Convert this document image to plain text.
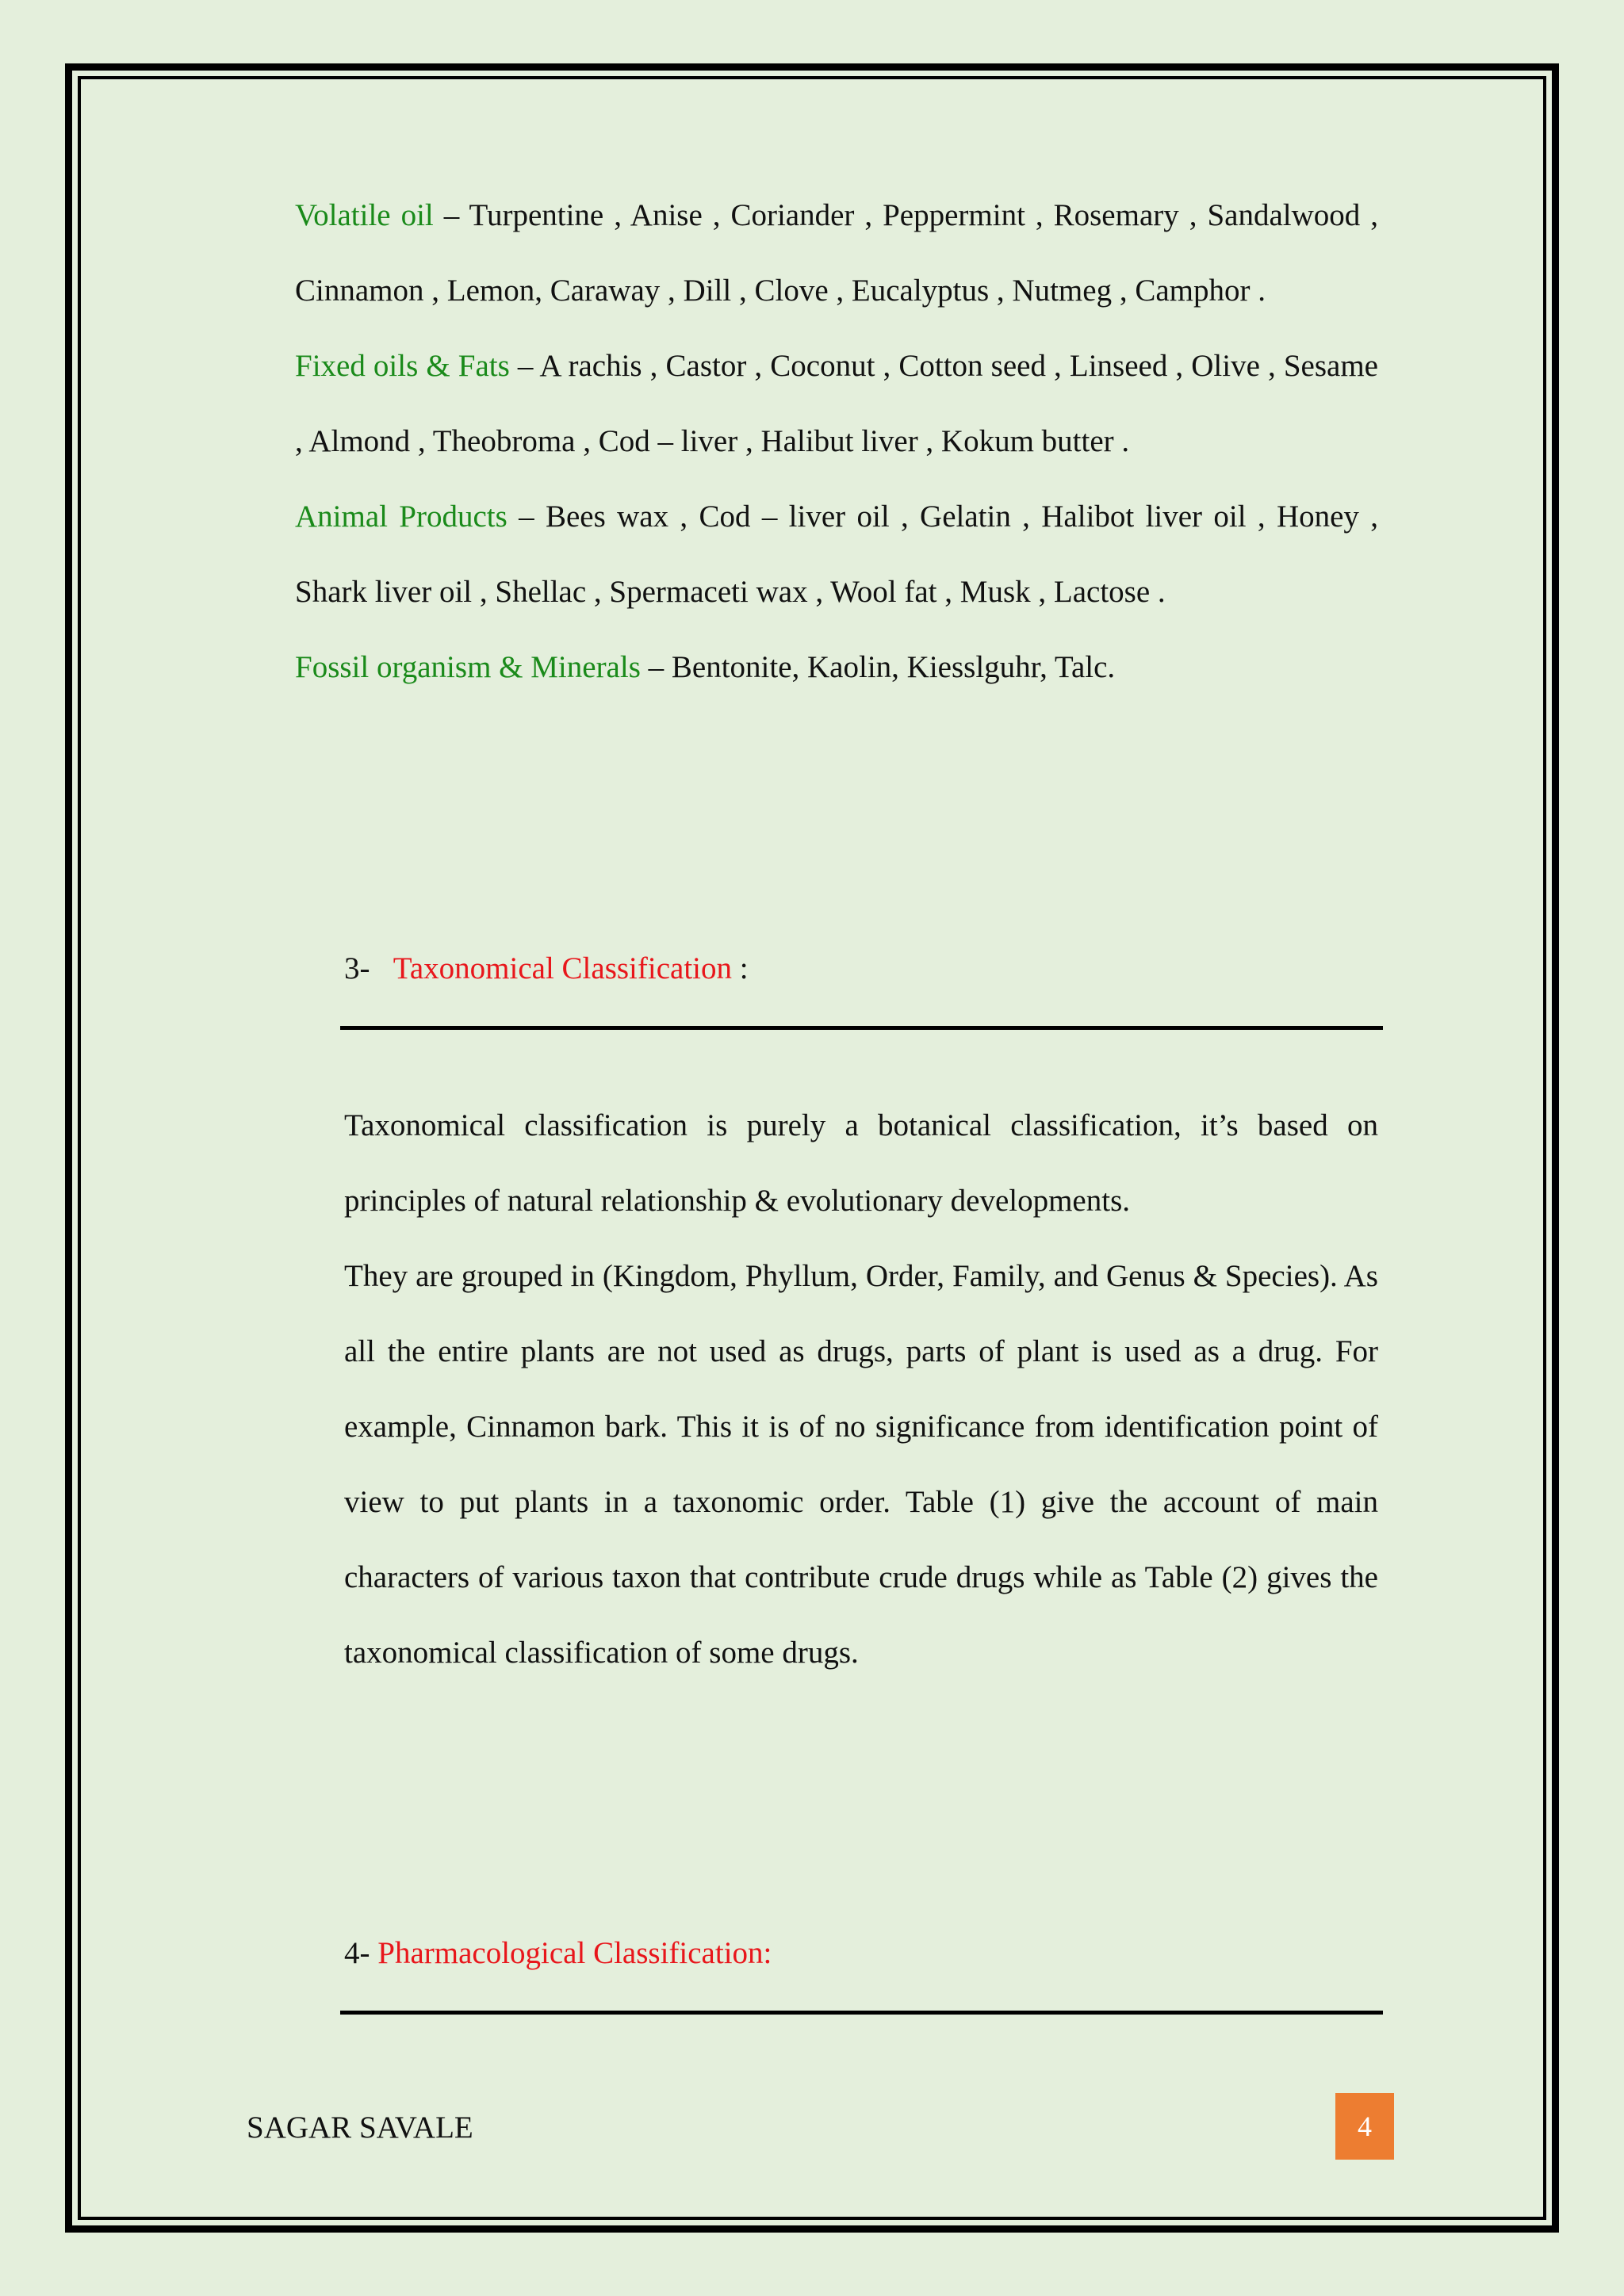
Volatile oil – Turpentine , Anise , Coriander , Peppermint , Rosemary , Sandalwood , Cinnamon , Lemon, Caraway , Dill , Clove , Eucalyptus , Nutmeg , Camphor .
Fixed oils & Fats – A rachis , Castor , Coconut , Cotton seed , Linseed , Olive , Sesame , Almond , Theobroma , Cod – liver , Halibut liver , Kokum butter .
Animal Products – Bees wax , Cod – liver oil , Gelatin , Halibot liver oil , Honey , Shark liver oil , Shellac , Spermaceti wax , Wool fat , Musk , Lactose .
Fossil organism & Minerals – Bentonite, Kaolin, Kiesslguhr, Talc.

3- Taxonomical Classification :

Taxonomical classification is purely a botanical classification, it’s based on principles of natural relationship & evolutionary developments.
They are grouped in (Kingdom, Phyllum, Order, Family, and Genus & Species). As all the entire plants are not used as drugs, parts of plant is used as a drug. For example, Cinnamon bark. This it is of no significance from identification point of view to put plants in a taxonomic order. Table (1) give the account of main characters of various taxon that contribute crude drugs while as Table (2) gives the taxonomical classification of some drugs.

4- Pharmacological Classification:

SAGAR SAVALE	4
